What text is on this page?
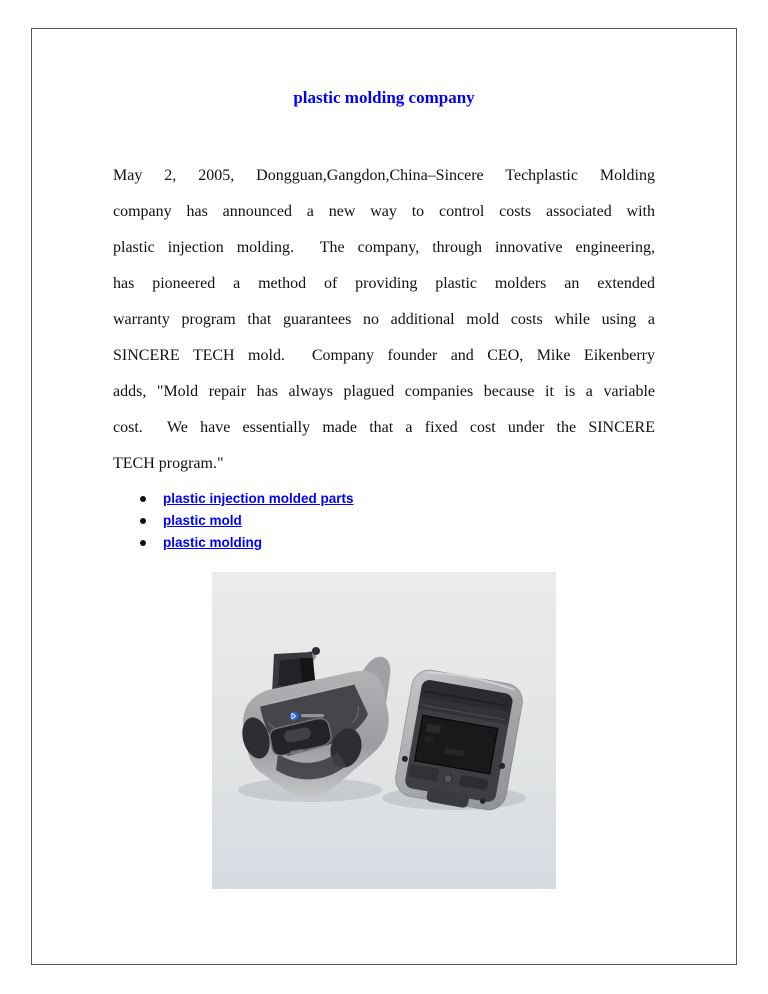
plastic molding company
May 2, 2005, Dongguan,Gangdon,China–Sincere Techplastic Molding
company has announced a new way to control costs associated with
plastic injection molding.  The company, through innovative engineering,
has pioneered a method of providing plastic molders an extended
warranty program that guarantees no additional mold costs while using a
SINCERE TECH mold.  Company founder and CEO, Mike Eikenberry
adds, "Mold repair has always plagued companies because it is a variable
cost.  We have essentially made that a fixed cost under the SINCERE
TECH program."
plastic injection molded parts
plastic mold
plastic molding
